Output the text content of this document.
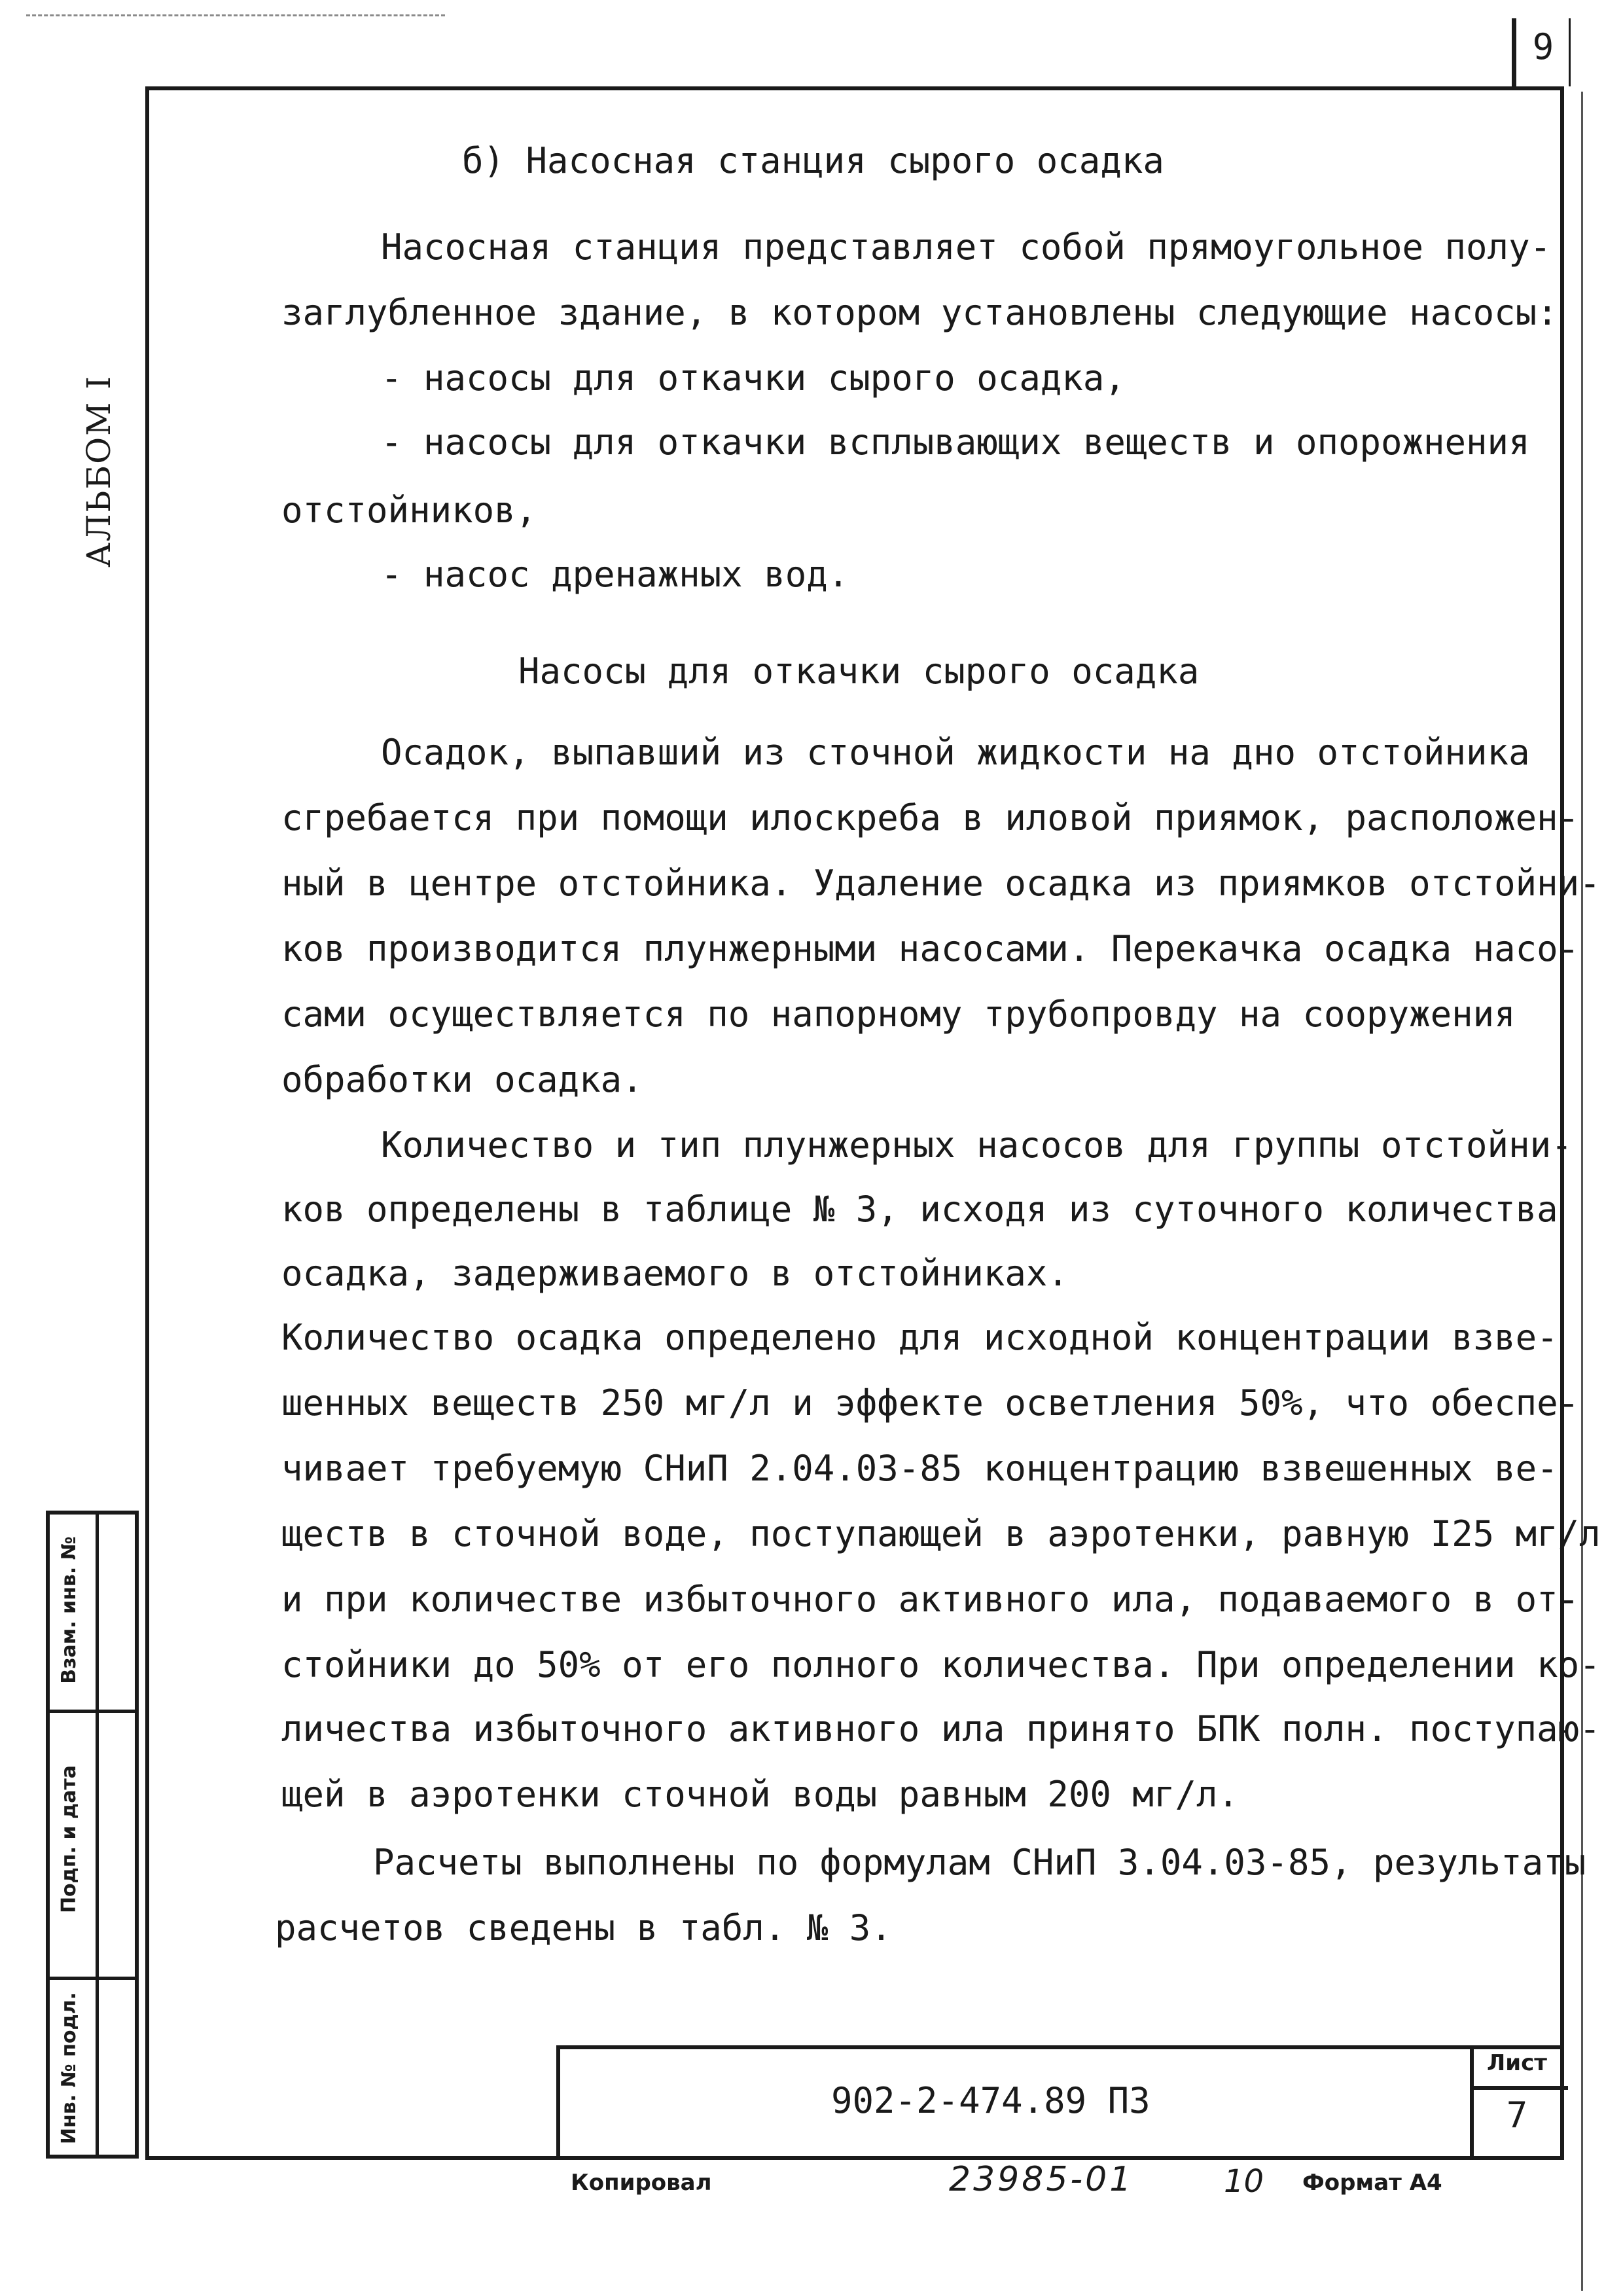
9
АЛЬБОМ I
б) Насосная станция сырого осадка
Насосная станция представляет собой прямоугольное полу-
заглубленное здание, в котором установлены следующие насосы:
- насосы для откачки сырого осадка,
- насосы для откачки всплывающих веществ и опорожнения
отстойников,
- насос дренажных вод.
Насосы для откачки сырого осадка
Осадок, выпавший из сточной жидкости на дно отстойника
сгребается при помощи илоскреба в иловой приямок, расположен-
ный в центре отстойника. Удаление осадка из приямков отстойни-
ков производится плунжерными насосами. Перекачка осадка насо-
сами осуществляется по напорному трубопровду на сооружения
обработки осадка.
Количество и тип плунжерных насосов для группы отстойни-
ков определены в таблице № 3, исходя из суточного количества
осадка, задерживаемого в отстойниках.
Количество осадка определено для исходной концентрации взве-
шенных веществ 250 мг/л и эффекте осветления 50%, что обеспе-
чивает требуемую СНиП 2.04.03-85 концентрацию взвешенных ве-
ществ в сточной воде, поступающей в аэротенки, равную I25 мг/л
и при количестве избыточного активного ила, подаваемого в от-
стойники до 50% от его полного количества. При определении ко-
личества избыточного активного ила принято БПК полн. поступаю-
щей в аэротенки сточной воды равным 200 мг/л.
Расчеты выполнены по формулам СНиП 3.04.03-85, результаты
расчетов сведены в табл. № 3.
Взам. инв. №
Подп. и дата
Инв. № подл.	902-2-474.89 ПЗ
Лист
7
Копировал	23985-01	10 Формат А4
